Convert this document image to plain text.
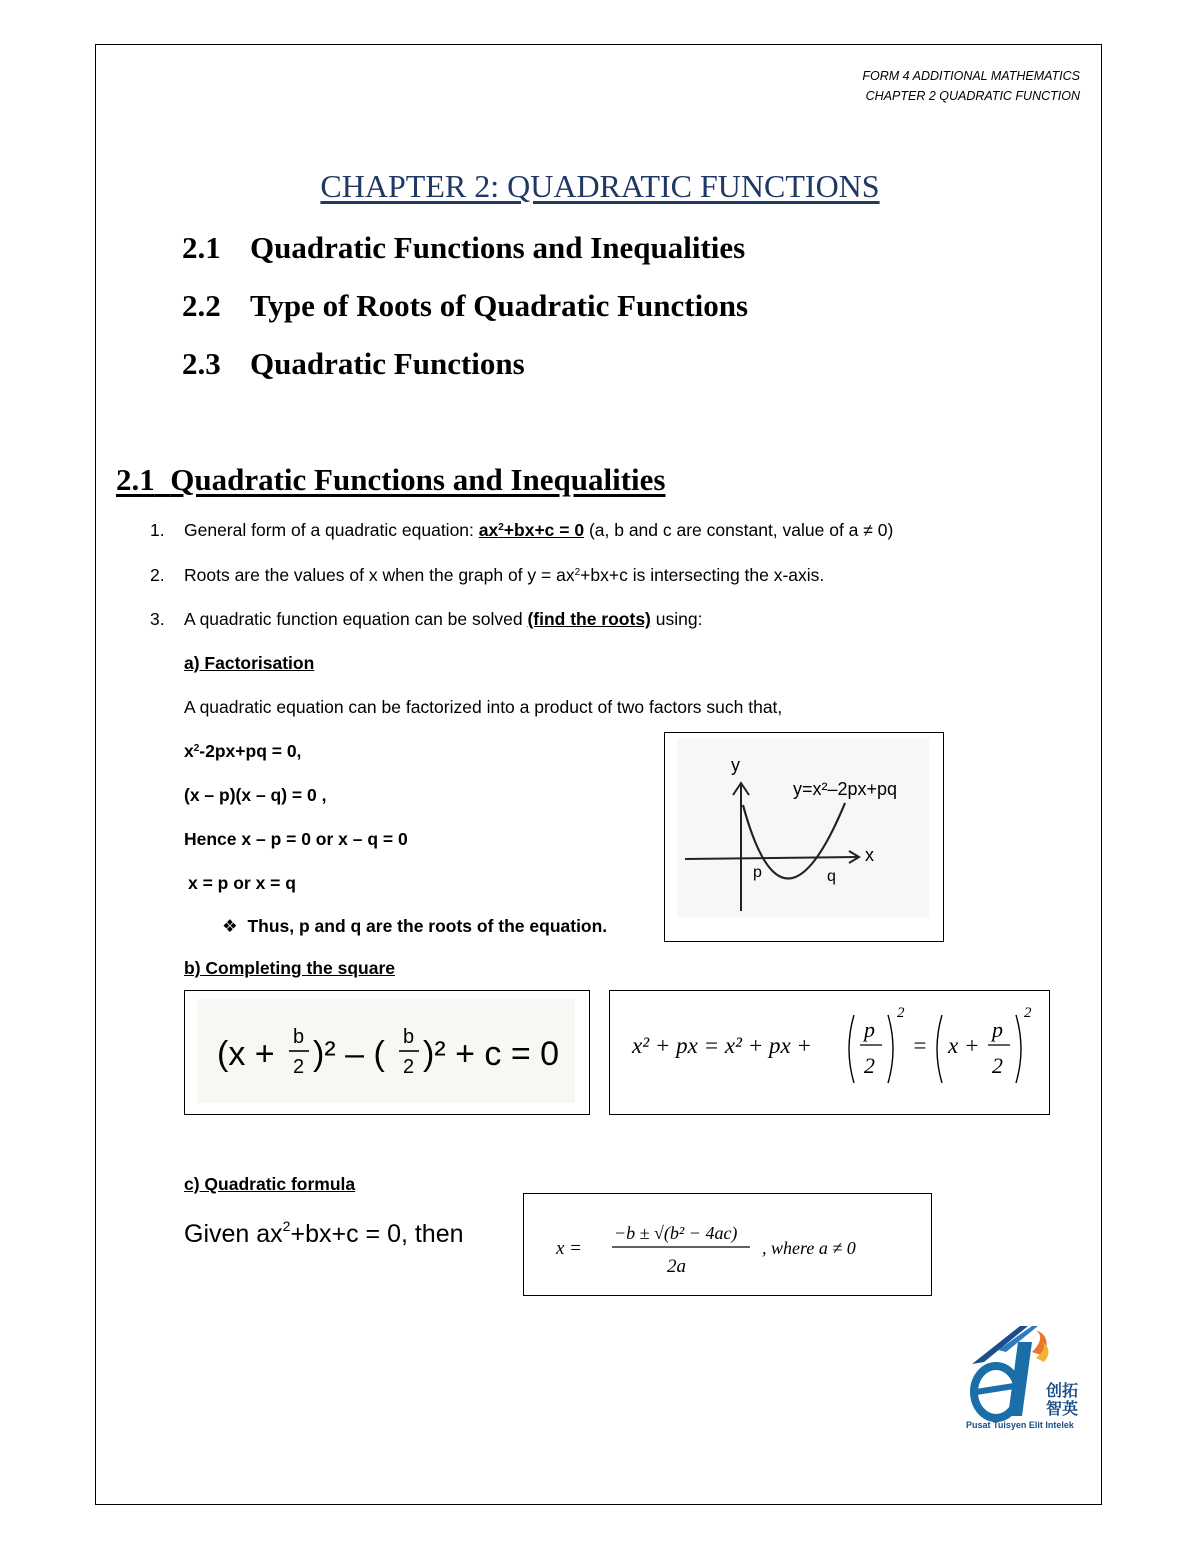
FORM 4 ADDITIONAL MATHEMATICS
CHAPTER 2 QUADRATIC FUNCTION
CHAPTER 2: QUADRATIC FUNCTIONS
2.1 Quadratic Functions and Inequalities
2.2 Type of Roots of Quadratic Functions
2.3 Quadratic Functions
2.1 Quadratic Functions and Inequalities
1. General form of a quadratic equation: $ax^2+bx+c = 0$ (a, b and c are constant, value of a ≠ 0)
2. Roots are the values of x when the graph of $y = ax^2+bx+c$ is intersecting the x-axis.
3. A quadratic function equation can be solved (find the roots) using:
a) Factorisation
A quadratic equation can be factorized into a product of two factors such that,
$x^2-2px+pq = 0$,
(x – p)(x – q) = 0 ,
Hence x – p = 0 or x – q = 0
x = p or x = q
❖ Thus, p and q are the roots of the equation.
y
x
y=x²–2px+pq
p	q
b) Completing the square
(x + b
2 )² – ( b
2 )² + c = 0	x² + px = x² + px +
p
2
2
= x +
p
2
2
c) Quadratic formula
Given $ax^2+bx+c = 0$, then
x =
−b ± √(b² − 4ac)
2a
, where a ≠ 0
创拓
智英
Pusat Tuisyen Elit Intelek
